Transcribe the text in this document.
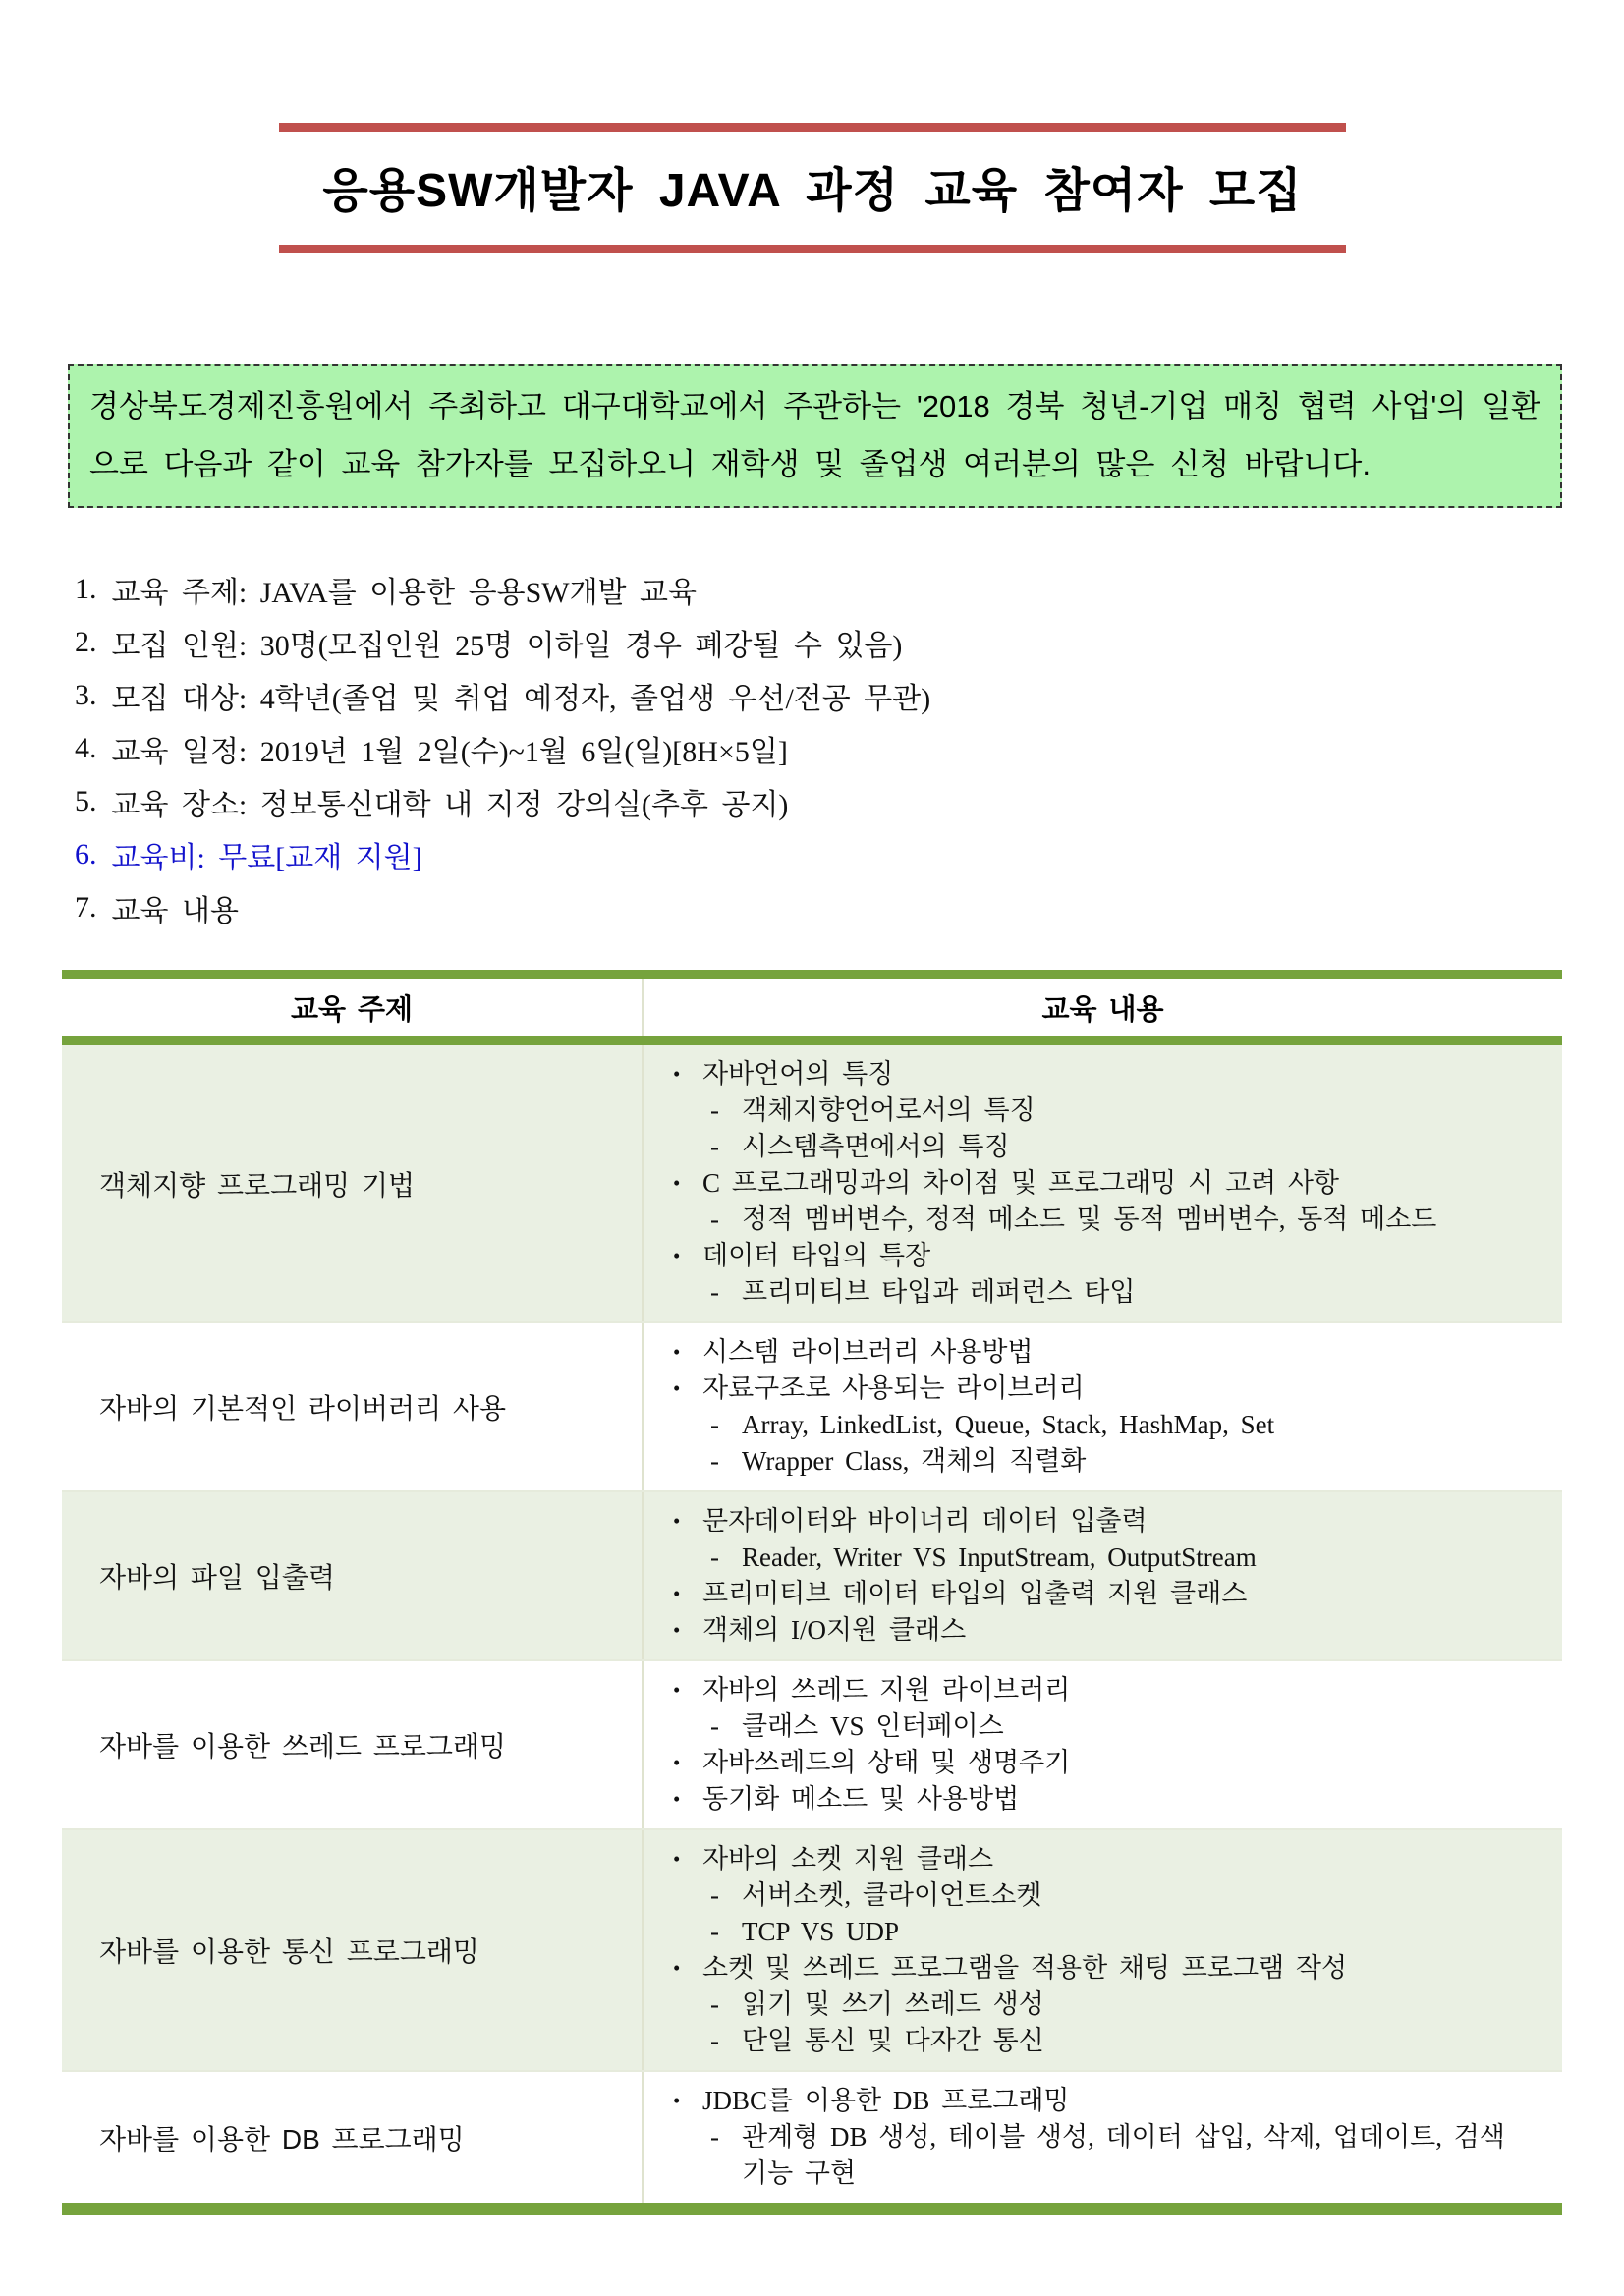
응용SW개발자 JAVA 과정 교육 참여자 모집

경상북도경제진흥원에서 주최하고 대구대학교에서 주관하는 '2018 경북 청년-기업 매칭 협력 사업'의 일환으로 다음과 같이 교육 참가자를 모집하오니 재학생 및 졸업생 여러분의 많은 신청 바랍니다.

1. 교육 주제: JAVA를 이용한 응용SW개발 교육
2. 모집 인원: 30명(모집인원 25명 이하일 경우 폐강될 수 있음)
3. 모집 대상: 4학년(졸업 및 취업 예정자, 졸업생 우선/전공 무관)
4. 교육 일정: 2019년 1월 2일(수)~1월 6일(일)[8H×5일]
5. 교육 장소: 정보통신대학 내 지정 강의실(추후 공지)
6. 교육비: 무료[교재 지원]
7. 교육 내용
교육 주제	교육 내용
객체지향 프로그래밍 기법
• 자바언어의 특징
- 객체지향언어로서의 특징
- 시스템측면에서의 특징
• C 프로그래밍과의 차이점 및 프로그래밍 시 고려 사항
- 정적 멤버변수, 정적 메소드 및 동적 멤버변수, 동적 메소드
• 데이터 타입의 특장
- 프리미티브 타입과 레퍼런스 타입
자바의 기본적인 라이버러리 사용
• 시스템 라이브러리 사용방법
• 자료구조로 사용되는 라이브러리
- Array, LinkedList, Queue, Stack, HashMap, Set
- Wrapper Class, 객체의 직렬화
자바의 파일 입출력
• 문자데이터와 바이너리 데이터 입출력
- Reader, Writer VS InputStream, OutputStream
• 프리미티브 데이터 타입의 입출력 지원 클래스
• 객체의 I/O지원 클래스
자바를 이용한 쓰레드 프로그래밍
• 자바의 쓰레드 지원 라이브러리
- 클래스 VS 인터페이스
• 자바쓰레드의 상태 및 생명주기
• 동기화 메소드 및 사용방법
자바를 이용한 통신 프로그래밍
• 자바의 소켓 지원 클래스
- 서버소켓, 클라이언트소켓
- TCP VS UDP
• 소켓 및 쓰레드 프로그램을 적용한 채팅 프로그램 작성
- 읽기 및 쓰기 쓰레드 생성
- 단일 통신 및 다자간 통신
자바를 이용한 DB 프로그래밍
• JDBC를 이용한 DB 프로그래밍
- 관계형 DB 생성, 테이블 생성, 데이터 삽입, 삭제, 업데이트, 검색 기능 구현
